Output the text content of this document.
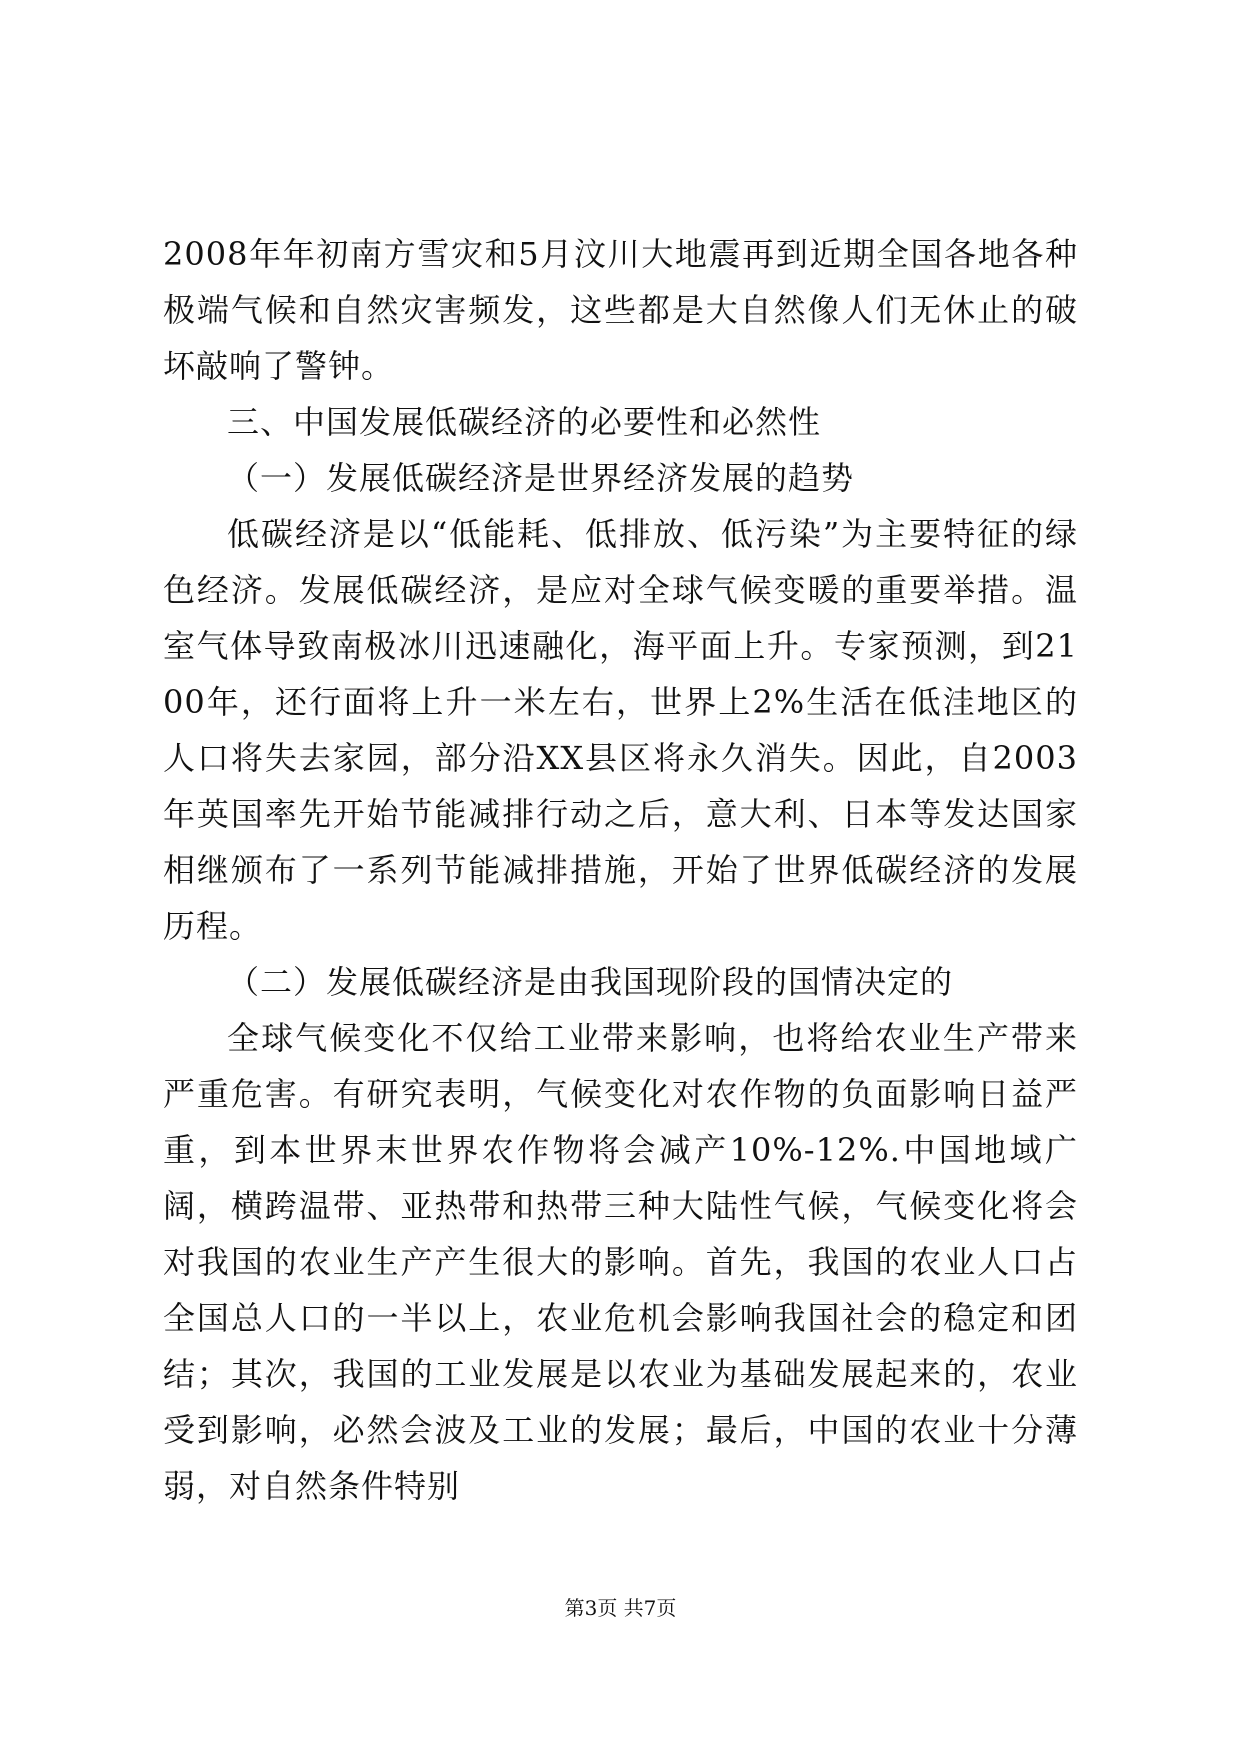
2008年年初南方雪灾和5月汶川大地震再到近期全国各地各种极端气候和自然灾害频发，这些都是大自然像人们无休止的破坏敲响了警钟。

三、中国发展低碳经济的必要性和必然性

（一）发展低碳经济是世界经济发展的趋势

低碳经济是以“低能耗、低排放、低污染”为主要特征的绿色经济。发展低碳经济，是应对全球气候变暖的重要举措。温室气体导致南极冰川迅速融化，海平面上升。专家预测，到2100年，还行面将上升一米左右，世界上2%生活在低洼地区的人口将失去家园，部分沿XX县区将永久消失。因此，自2003年英国率先开始节能减排行动之后，意大利、日本等发达国家相继颁布了一系列节能减排措施，开始了世界低碳经济的发展历程。

（二）发展低碳经济是由我国现阶段的国情决定的

全球气候变化不仅给工业带来影响，也将给农业生产带来严重危害。有研究表明，气候变化对农作物的负面影响日益严重，到本世界末世界农作物将会减产10%-12%.中国地域广阔，横跨温带、亚热带和热带三种大陆性气候，气候变化将会对我国的农业生产产生很大的影响。首先，我国的农业人口占全国总人口的一半以上，农业危机会影响我国社会的稳定和团结；其次，我国的工业发展是以农业为基础发展起来的，农业受到影响，必然会波及工业的发展；最后，中国的农业十分薄弱，对自然条件特别

第3页 共7页
